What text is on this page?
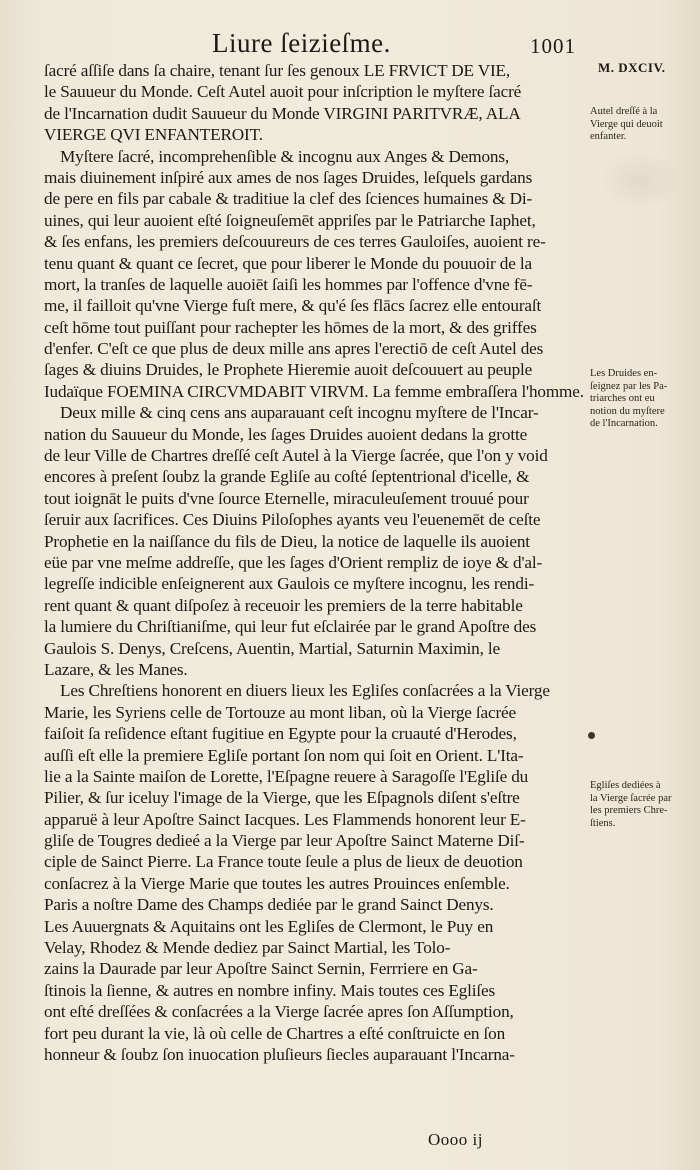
Liure ſeizieſme.	1001
M. DXCIV.
ſacré aſſiſe dans ſa chaire, tenant ſur ſes genoux LE FRVICT DE VIE,
le Sauueur du Monde. Ceſt Autel auoit pour inſcription le myſtere ſacré
de l'Incarnation dudit Sauueur du Monde VIRGINI PARITVRÆ, ALA
VIERGE QVI ENFANTEROIT.
Myſtere ſacré, incomprehenſible & incognu aux Anges & Demons,
mais diuinement inſpiré aux ames de nos ſages Druides, leſquels gardans
de pere en fils par cabale & traditiue la clef des ſciences humaines & Di-
uines, qui leur auoient eſté ſoigneuſemēt appriſes par le Patriarche Iaphet,
& ſes enfans, les premiers deſcouureurs de ces terres Gauloiſes, auoient re-
tenu quant & quant ce ſecret, que pour liberer le Monde du pouuoir de la
mort, la tranſes de laquelle auoiēt ſaiſi les hommes par l'offence d'vne fē-
me, il failloit qu'vne Vierge fuſt mere, & qu'é ſes flācs ſacrez elle entouraſt
ceſt hōme tout puiſſant pour rachepter les hōmes de la mort, & des griffes
d'enfer. C'eſt ce que plus de deux mille ans apres l'erectiō de ceſt Autel des
ſages & diuins Druides, le Prophete Hieremie auoit deſcouuert au peuple
Iudaïque FOEMINA CIRCVMDABIT VIRVM. La femme embraſſera l'homme.
Deux mille & cinq cens ans auparauant ceſt incognu myſtere de l'Incar-
nation du Sauueur du Monde, les ſages Druides auoient dedans la grotte
de leur Ville de Chartres dreſſé ceſt Autel à la Vierge ſacrée, que l'on y void
encores à preſent ſoubz la grande Egliſe au coſté ſeptentrional d'icelle, &
tout ioignāt le puits d'vne ſource Eternelle, miraculeuſement trouué pour
ſeruir aux ſacrifices. Ces Diuins Piloſophes ayants veu l'euenemēt de ceſte
Prophetie en la naiſſance du fils de Dieu, la notice de laquelle ils auoient
eüe par vne meſme addreſſe, que les ſages d'Orient rempliz de ioye & d'al-
legreſſe indicible enſeignerent aux Gaulois ce myſtere incognu, les rendi-
rent quant & quant diſpoſez à receuoir les premiers de la terre habitable
la lumiere du Chriſtianiſme, qui leur fut eſclairée par le grand Apoſtre des
Gaulois S. Denys, Creſcens, Auentin, Martial, Saturnin Maximin, le
Lazare, & les Manes.
Les Chreſtiens honorent en diuers lieux les Egliſes conſacrées a la Vierge
Marie, les Syriens celle de Tortouze au mont liban, où la Vierge ſacrée
faiſoit ſa reſidence eſtant fugitiue en Egypte pour la cruauté d'Herodes,
auſſi eſt elle la premiere Egliſe portant ſon nom qui ſoit en Orient. L'Ita-
lie a la Sainte maiſon de Lorette, l'Eſpagne reuere à Saragoſſe l'Egliſe du
Pilier, & ſur iceluy l'image de la Vierge, que les Eſpagnols diſent s'eſtre
apparuë à leur Apoſtre Sainct Iacques. Les Flammends honorent leur E-
gliſe de Tougres dedieé a la Vierge par leur Apoſtre Sainct Materne Diſ-
ciple de Sainct Pierre. La France toute ſeule a plus de lieux de deuotion
conſacrez à la Vierge Marie que toutes les autres Prouinces enſemble.
Paris a noſtre Dame des Champs dediée par le grand Sainct Denys.
Les Auuergnats & Aquitains ont les Egliſes de Clermont, le Puy en
Velay, Rhodez & Mende dediez par Sainct Martial, les Tolo-
zains la Daurade par leur Apoſtre Sainct Sernin, Ferrriere en Ga-
ſtinois la ſienne, & autres en nombre infiny. Mais toutes ces Egliſes
ont eſté dreſſées & conſacrées a la Vierge ſacrée apres ſon Aſſumption,
fort peu durant la vie, là où celle de Chartres a eſté conſtruicte en ſon
honneur & ſoubz ſon inuocation pluſieurs ſiecles auparauant l'Incarna-
Autel dreſſé à la
Vierge qui deuoit
enfanter.
Les Druides en-
ſeignez par les Pa-
triarches ont eu
notion du myſtere
de l'Incarnation.
Egliſes dediées à
la Vierge ſacrée par
les premiers Chre-
ſtiens.
Oooo ij
